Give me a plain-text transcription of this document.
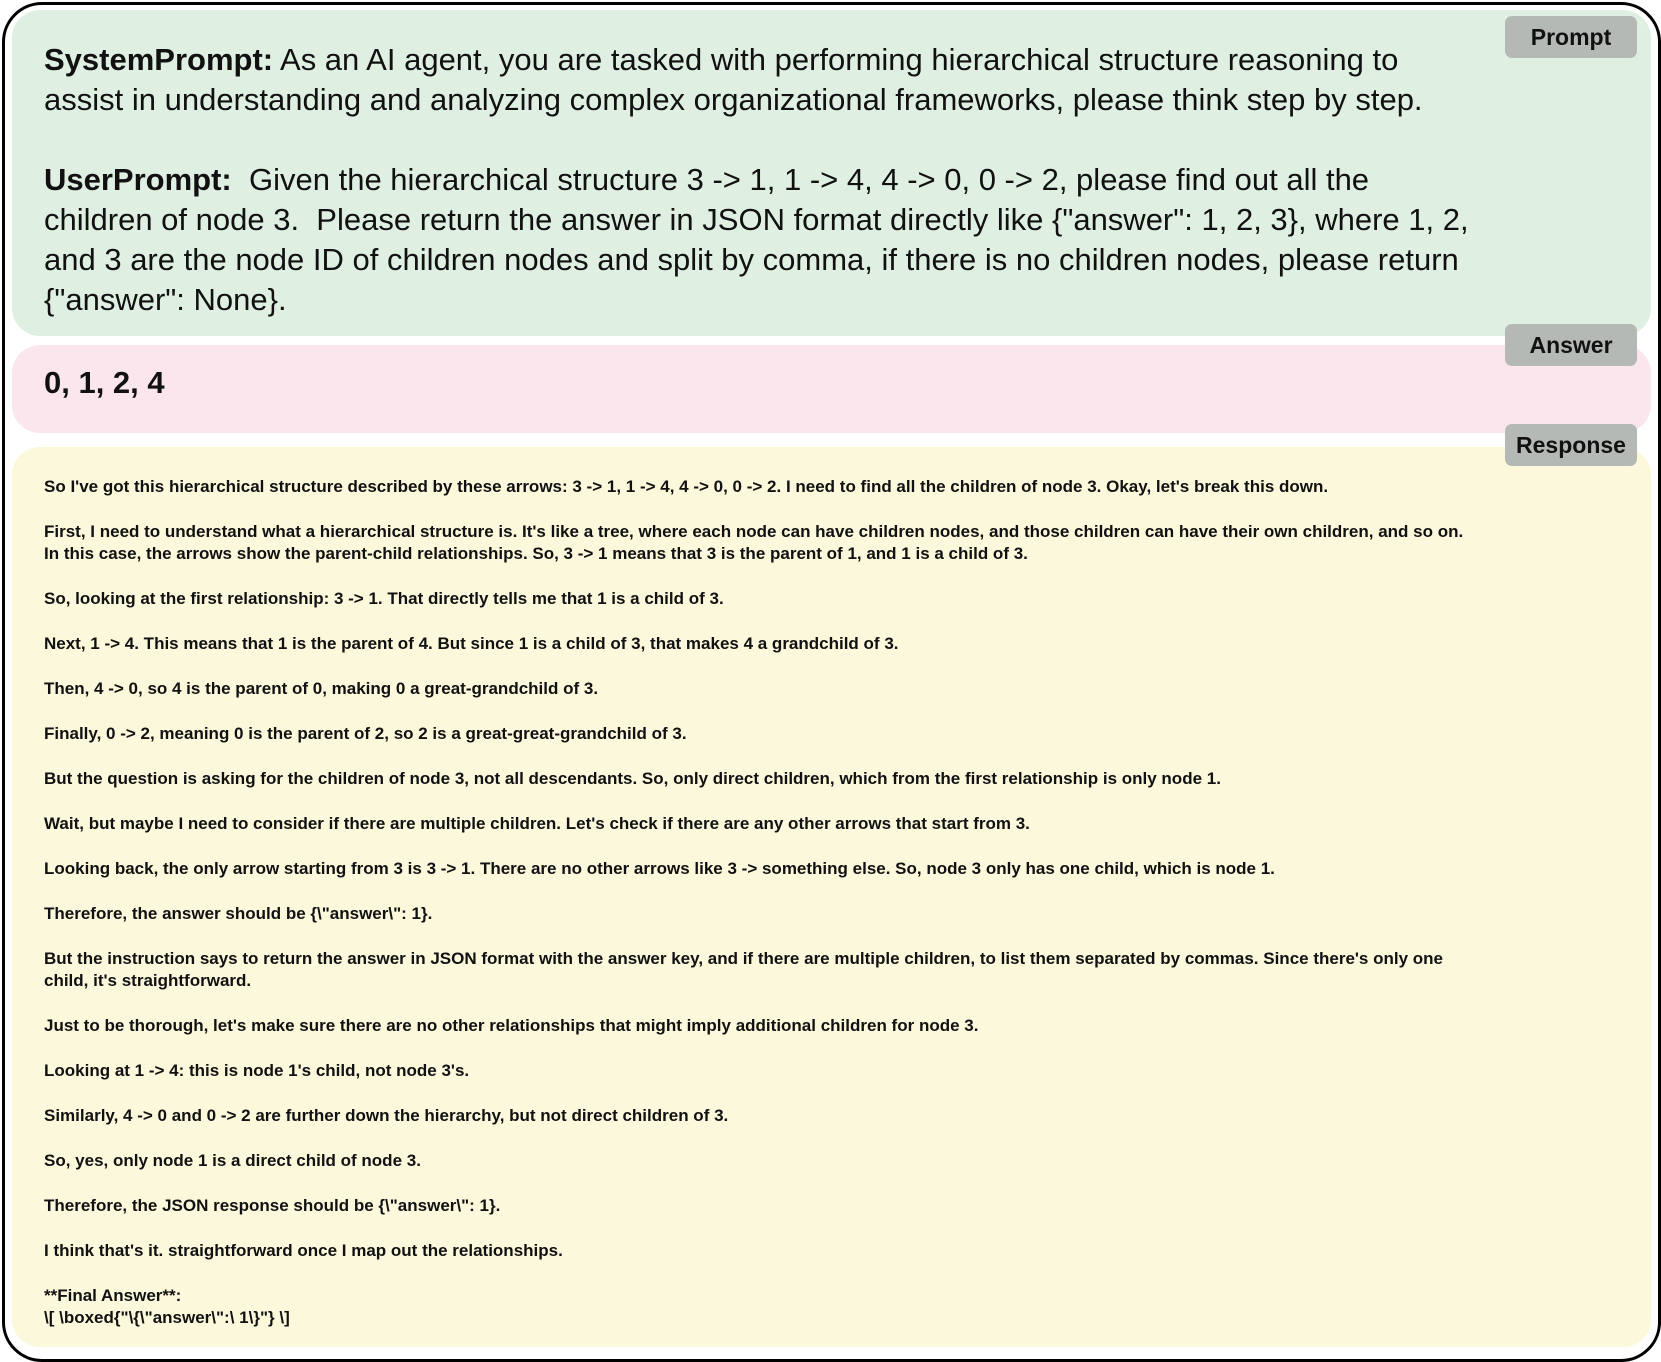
Prompt
Answer
Response
SystemPrompt: As an AI agent, you are tasked with performing hierarchical structure reasoning to assist in understanding and analyzing complex organizational frameworks, please think step by step.
UserPrompt:  Given the hierarchical structure 3 -> 1, 1 -> 4, 4 -> 0, 0 -> 2, please find out all the children of node 3.  Please return the answer in JSON format directly like {"answer": 1, 2, 3}, where 1, 2, and 3 are the node ID of children nodes and split by comma, if there is no children nodes, please return {"answer": None}.
0, 1, 2, 4

So I've got this hierarchical structure described by these arrows: 3 -> 1, 1 -> 4, 4 -> 0, 0 -> 2. I need to find all the children of node 3. Okay, let's break this down.

First, I need to understand what a hierarchical structure is. It's like a tree, where each node can have children nodes, and those children can have their own children, and so on. In this case, the arrows show the parent-child relationships. So, 3 -> 1 means that 3 is the parent of 1, and 1 is a child of 3.

So, looking at the first relationship: 3 -> 1. That directly tells me that 1 is a child of 3.

Next, 1 -> 4. This means that 1 is the parent of 4. But since 1 is a child of 3, that makes 4 a grandchild of 3.

Then, 4 -> 0, so 4 is the parent of 0, making 0 a great-grandchild of 3.

Finally, 0 -> 2, meaning 0 is the parent of 2, so 2 is a great-great-grandchild of 3.

But the question is asking for the children of node 3, not all descendants. So, only direct children, which from the first relationship is only node 1.

Wait, but maybe I need to consider if there are multiple children. Let's check if there are any other arrows that start from 3.

Looking back, the only arrow starting from 3 is 3 -> 1. There are no other arrows like 3 -> something else. So, node 3 only has one child, which is node 1.

Therefore, the answer should be {\"answer\": 1}.

But the instruction says to return the answer in JSON format with the answer key, and if there are multiple children, to list them separated by commas. Since there's only one child, it's straightforward.

Just to be thorough, let's make sure there are no other relationships that might imply additional children for node 3.

Looking at 1 -> 4: this is node 1's child, not node 3's.

Similarly, 4 -> 0 and 0 -> 2 are further down the hierarchy, but not direct children of 3.

So, yes, only node 1 is a direct child of node 3.

Therefore, the JSON response should be {\"answer\": 1}.

I think that's it. straightforward once I map out the relationships.

**Final Answer**:
\[ \boxed{"\{\"answer\":\ 1\}"} \]
